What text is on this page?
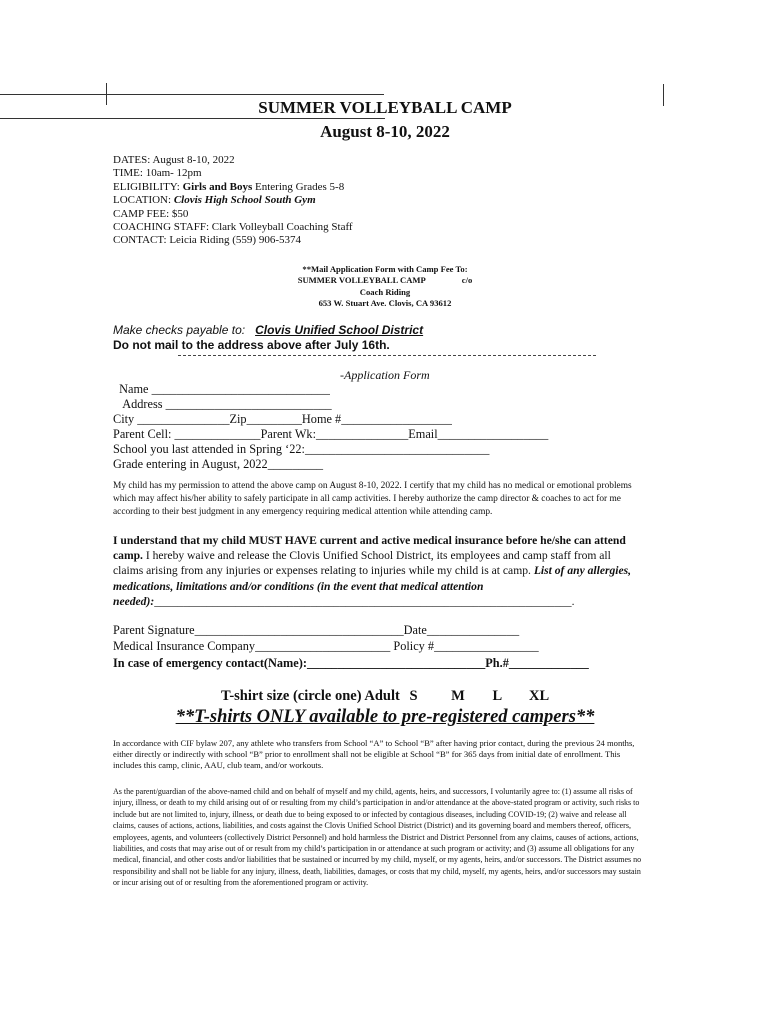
SUMMER VOLLEYBALL CAMP
August 8-10, 2022
DATES: August 8-10, 2022
TIME: 10am- 12pm
ELIGIBILITY: Girls and Boys Entering Grades 5-8
LOCATION: Clovis High School South Gym
CAMP FEE: $50
COACHING STAFF: Clark Volleyball Coaching Staff
CONTACT: Leicia Riding (559) 906-5374
**Mail Application Form with Camp Fee To:
SUMMER VOLLEYBALL CAMP	c/o
Coach Riding
653 W. Stuart Ave. Clovis, CA 93612
Make checks payable to: Clovis Unified School District
Do not mail to the address above after July 16th.
-Application Form
Name _____________________________
Address ___________________________
City _______________Zip_________Home #__________________
Parent Cell: ______________Parent Wk:_______________Email__________________
School you last attended in Spring ‘22:______________________________
Grade entering in August, 2022_________
My child has my permission to attend the above camp on August 8-10, 2022. I certify that my child has no medical or emotional problems which may affect his/her ability to safely participate in all camp activities. I hereby authorize the camp director & coaches to act for me according to their best judgment in any emergency requiring medical attention while attending camp.
I understand that my child MUST HAVE current and active medical insurance before he/she can attend camp. I hereby waive and release the Clovis Unified School District, its employees and camp staff from all claims arising from any injuries or expenses relating to injuries while my child is at camp. List of any allergies, medications, limitations and/or conditions (in the event that medical attention needed):________________________________________________________________________.
Parent Signature__________________________________Date_______________
Medical Insurance Company______________________ Policy #_________________
In case of emergency contact(Name):_____________________________Ph.#_____________
T-shirt size (circle one) Adult S M L XL
**T-shirts ONLY available to pre-registered campers**
In accordance with CIF bylaw 207, any athlete who transfers from School “A” to School “B” after having prior contact, during the previous 24 months, either directly or indirectly with school “B” prior to enrollment shall not be eligible at School “B” for 365 days from initial date of enrollment. This includes this camp, clinic, AAU, club team, and/or workouts.
As the parent/guardian of the above-named child and on behalf of myself and my child, agents, heirs, and successors, I voluntarily agree to: (1) assume all risks of injury, illness, or death to my child arising out of or resulting from my child’s participation in and/or attendance at the above-stated program or activity, such risks to include but are not limited to, injury, illness, or death due to being exposed to or infected by contagious diseases, including COVID-19; (2) waive and release all claims, causes of actions, actions, liabilities, and costs against the Clovis Unified School District (District) and its governing board and members thereof, officers, employees, agents, and volunteers (collectively District Personnel) and hold harmless the District and District Personnel from any claims, causes of actions, actions, liabilities, and costs that may arise out of or result from my child’s participation in or attendance at such program or activity; and (3) assume all obligations for any medical, financial, and other costs and/or liabilities that be sustained or incurred by my child, myself, or my agents, heirs, and/or successors. The District assumes no responsibility and shall not be liable for any injury, illness, death, liabilities, damages, or costs that my child, myself, my agents, heirs, and/or successors may sustain or incur arising out of or resulting from the aforementioned program or activity.
